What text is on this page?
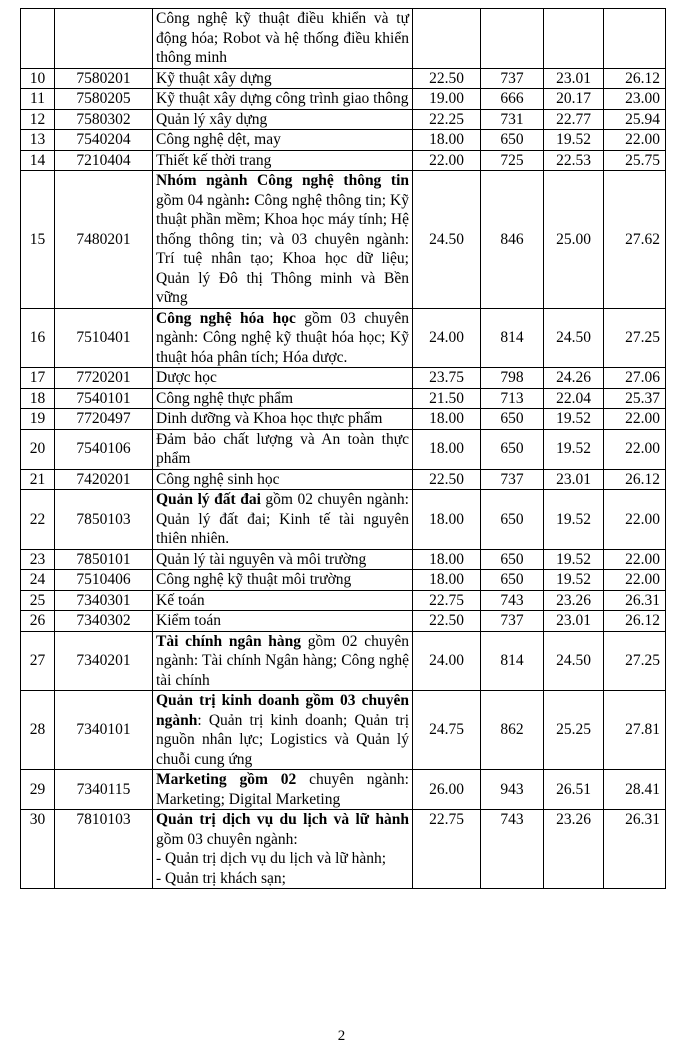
		Công nghệ kỹ thuật điều khiển và tự động hóa; Robot và hệ thống điều khiển thông minh				
10	7580201	Kỹ thuật xây dựng	22.50	737	23.01	26.12
11	7580205	Kỹ thuật xây dựng công trình giao thông	19.00	666	20.17	23.00
12	7580302	Quản lý xây dựng	22.25	731	22.77	25.94
13	7540204	Công nghệ dệt, may	18.00	650	19.52	22.00
14	7210404	Thiết kế thời trang	22.00	725	22.53	25.75
15	7480201	Nhóm ngành Công nghệ thông tin gồm 04 ngành: Công nghệ thông tin; Kỹ thuật phần mềm; Khoa học máy tính; Hệ thống thông tin; và 03 chuyên ngành: Trí tuệ nhân tạo; Khoa học dữ liệu; Quản lý Đô thị Thông minh và Bền vững	24.50	846	25.00	27.62
16	7510401	Công nghệ hóa học gồm 03 chuyên ngành: Công nghệ kỹ thuật hóa học; Kỹ thuật hóa phân tích; Hóa dược.	24.00	814	24.50	27.25
17	7720201	Dược học	23.75	798	24.26	27.06
18	7540101	Công nghệ thực phẩm	21.50	713	22.04	25.37
19	7720497	Dinh dưỡng và Khoa học thực phẩm	18.00	650	19.52	22.00
20	7540106	Đảm bảo chất lượng và An toàn thực phẩm	18.00	650	19.52	22.00
21	7420201	Công nghệ sinh học	22.50	737	23.01	26.12
22	7850103	Quản lý đất đai gồm 02 chuyên ngành: Quản lý đất đai; Kinh tế tài nguyên thiên nhiên.	18.00	650	19.52	22.00
23	7850101	Quản lý tài nguyên và môi trường	18.00	650	19.52	22.00
24	7510406	Công nghệ kỹ thuật môi trường	18.00	650	19.52	22.00
25	7340301	Kế toán	22.75	743	23.26	26.31
26	7340302	Kiểm toán	22.50	737	23.01	26.12
27	7340201	Tài chính ngân hàng gồm 02 chuyên ngành: Tài chính Ngân hàng; Công nghệ tài chính	24.00	814	24.50	27.25
28	7340101	Quản trị kinh doanh gồm 03 chuyên ngành: Quản trị kinh doanh; Quản trị nguồn nhân lực; Logistics và Quản lý chuỗi cung ứng	24.75	862	25.25	27.81
29	7340115	Marketing gồm 02 chuyên ngành: Marketing; Digital Marketing	26.00	943	26.51	28.41
30	7810103	Quản trị dịch vụ du lịch và lữ hành gồm 03 chuyên ngành:
- Quản trị dịch vụ du lịch và lữ hành;
- Quản trị khách sạn;	22.75	743	23.26	26.31
2
